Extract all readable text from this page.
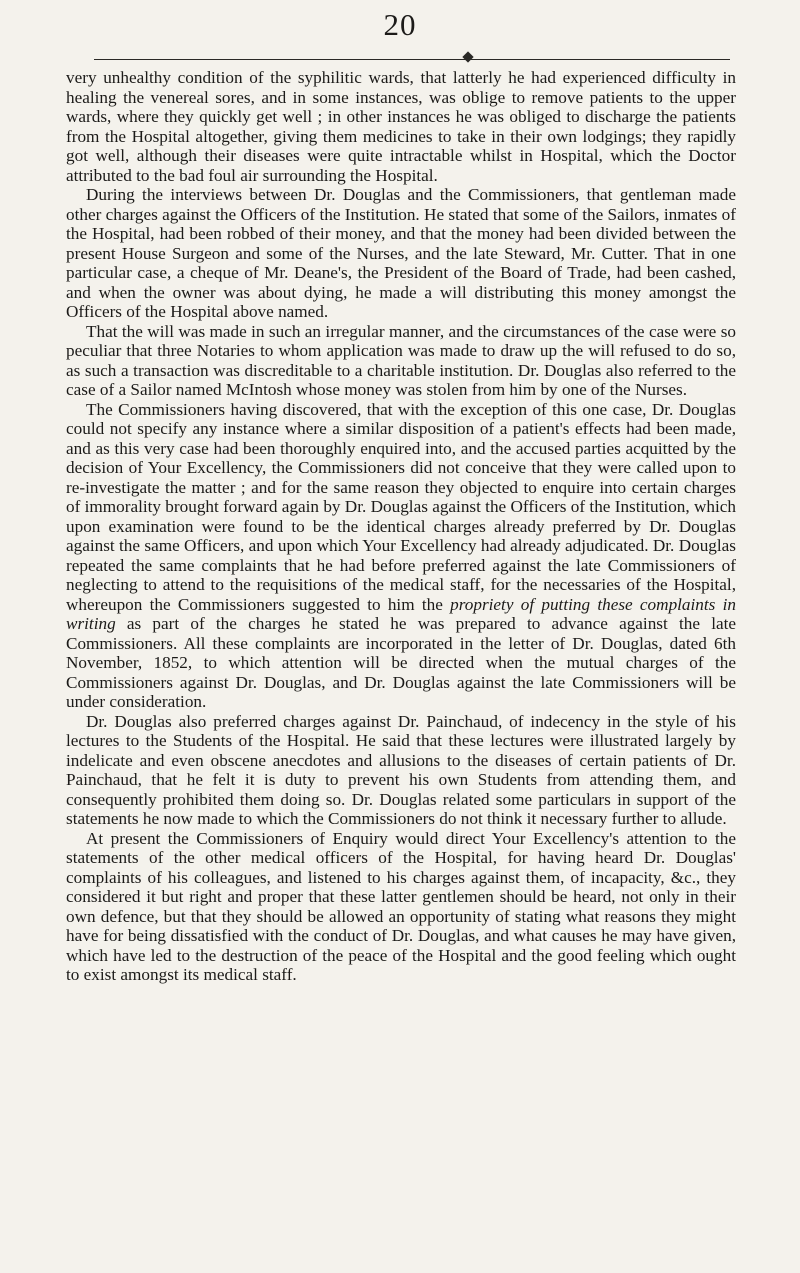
20

very unhealthy condition of the syphilitic wards, that latterly he had experienced difficulty in healing the venereal sores, and in some instances, was oblige to remove patients to the upper wards, where they quickly get well ; in other instances he was obliged to discharge the patients from the Hospital altogether, giving them medicines to take in their own lodgings; they rapidly got well, although their diseases were quite intractable whilst in Hospital, which the Doctor attributed to the bad foul air surrounding the Hospital.

During the interviews between Dr. Douglas and the Commissioners, that gentleman made other charges against the Officers of the Institution. He stated that some of the Sailors, inmates of the Hospital, had been robbed of their money, and that the money had been divided between the present House Surgeon and some of the Nurses, and the late Steward, Mr. Cutter. That in one particular case, a cheque of Mr. Deane's, the President of the Board of Trade, had been cashed, and when the owner was about dying, he made a will distributing this money amongst the Officers of the Hospital above named.

That the will was made in such an irregular manner, and the circumstances of the case were so peculiar that three Notaries to whom application was made to draw up the will refused to do so, as such a transaction was discreditable to a charitable institution. Dr. Douglas also referred to the case of a Sailor named McIntosh whose money was stolen from him by one of the Nurses.

The Commissioners having discovered, that with the exception of this one case, Dr. Douglas could not specify any instance where a similar disposition of a patient's effects had been made, and as this very case had been thoroughly enquired into, and the accused parties acquitted by the decision of Your Excellency, the Commissioners did not conceive that they were called upon to re-investigate the matter ; and for the same reason they objected to enquire into certain charges of immorality brought forward again by Dr. Douglas against the Officers of the Institution, which upon examination were found to be the identical charges already preferred by Dr. Douglas against the same Officers, and upon which Your Excellency had already adjudicated. Dr. Douglas repeated the same complaints that he had before preferred against the late Commissioners of neglecting to attend to the requisitions of the medical staff, for the necessaries of the Hospital, whereupon the Commissioners suggested to him the propriety of putting these complaints in writing as part of the charges he stated he was prepared to advance against the late Commissioners. All these complaints are incorporated in the letter of Dr. Douglas, dated 6th November, 1852, to which attention will be directed when the mutual charges of the Commissioners against Dr. Douglas, and Dr. Douglas against the late Commissioners will be under consideration.

Dr. Douglas also preferred charges against Dr. Painchaud, of indecency in the style of his lectures to the Students of the Hospital. He said that these lectures were illustrated largely by indelicate and even obscene anecdotes and allusions to the diseases of certain patients of Dr. Painchaud, that he felt it is duty to prevent his own Students from attending them, and consequently prohibited them doing so. Dr. Douglas related some particulars in support of the statements he now made to which the Commissioners do not think it necessary further to allude.

At present the Commissioners of Enquiry would direct Your Excellency's attention to the statements of the other medical officers of the Hospital, for having heard Dr. Douglas' complaints of his colleagues, and listened to his charges against them, of incapacity, &c., they considered it but right and proper that these latter gentlemen should be heard, not only in their own defence, but that they should be allowed an opportunity of stating what reasons they might have for being dissatisfied with the conduct of Dr. Douglas, and what causes he may have given, which have led to the destruction of the peace of the Hospital and the good feeling which ought to exist amongst its medical staff.
